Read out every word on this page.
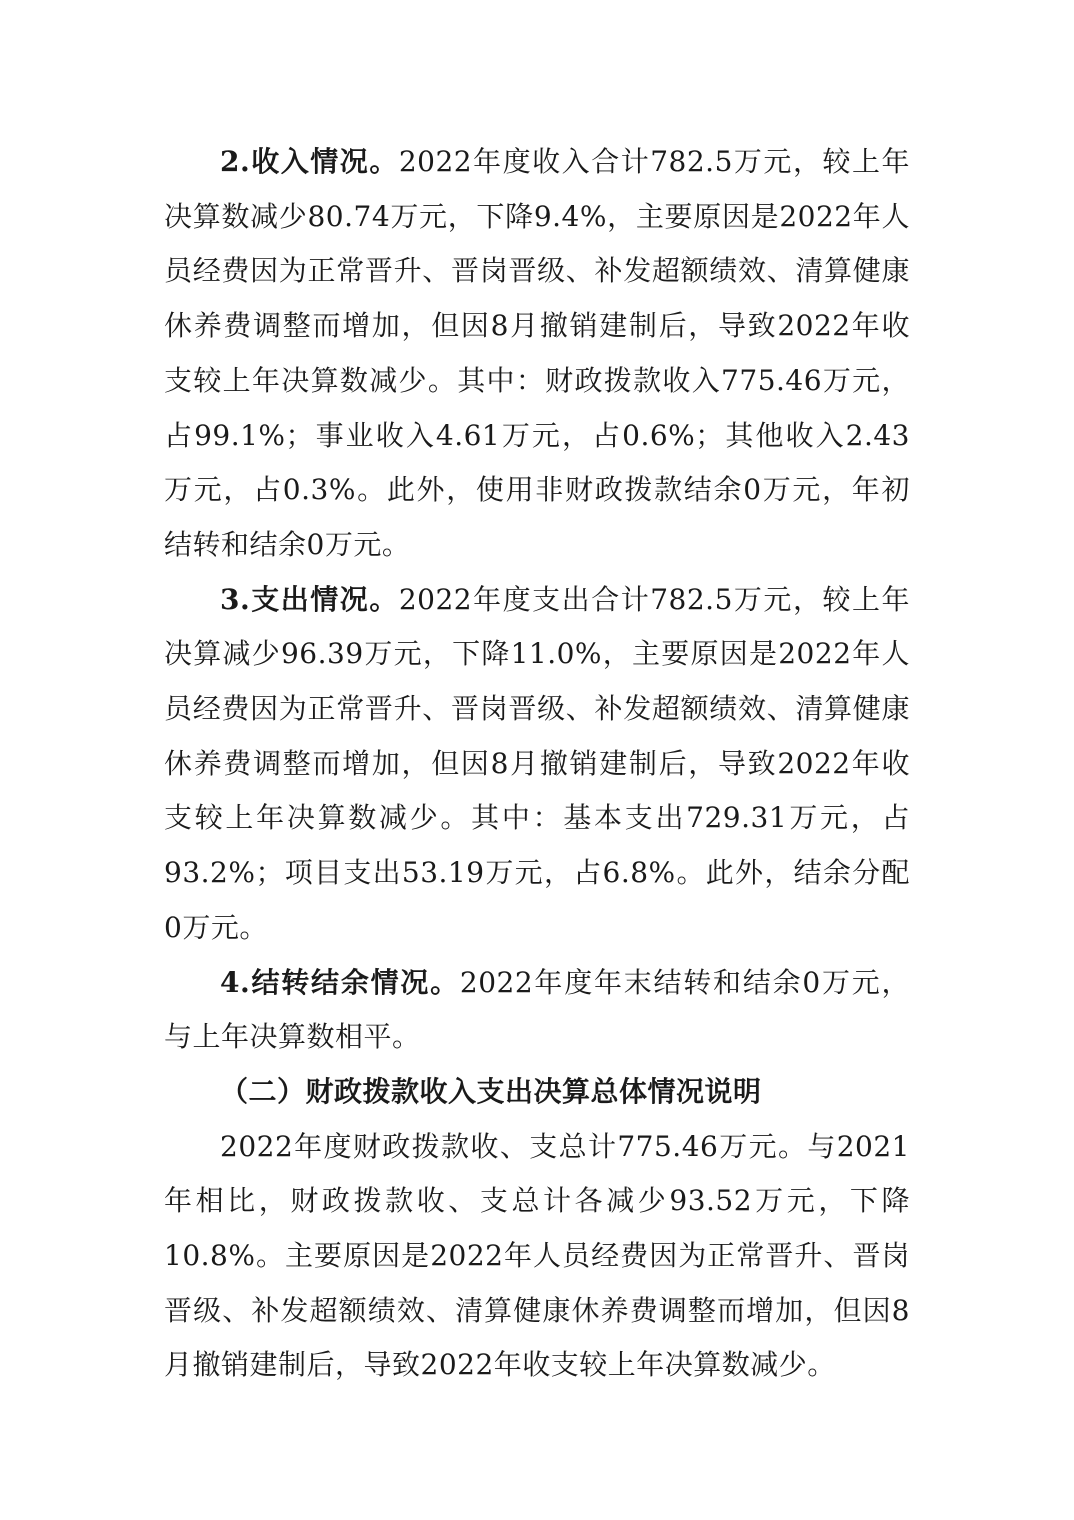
2.收入情况。2022年度收入合计782.5万元，较上年决算数减少80.74万元，下降9.4%，主要原因是2022年人员经费因为正常晋升、晋岗晋级、补发超额绩效、清算健康休养费调整而增加，但因8月撤销建制后，导致2022年收支较上年决算数减少。其中：财政拨款收入775.46万元，占99.1%；事业收入4.61万元，占0.6%；其他收入2.43万元，占0.3%。此外，使用非财政拨款结余0万元，年初结转和结余0万元。

3.支出情况。2022年度支出合计782.5万元，较上年决算减少96.39万元，下降11.0%，主要原因是2022年人员经费因为正常晋升、晋岗晋级、补发超额绩效、清算健康休养费调整而增加，但因8月撤销建制后，导致2022年收支较上年决算数减少。其中：基本支出729.31万元，占93.2%；项目支出53.19万元，占6.8%。此外，结余分配0万元。

4.结转结余情况。2022年度年末结转和结余0万元，与上年决算数相平。

（二）财政拨款收入支出决算总体情况说明

2022年度财政拨款收、支总计775.46万元。与2021年相比，财政拨款收、支总计各减少93.52万元，下降10.8%。主要原因是2022年人员经费因为正常晋升、晋岗晋级、补发超额绩效、清算健康休养费调整而增加，但因8月撤销建制后，导致2022年收支较上年决算数减少。
